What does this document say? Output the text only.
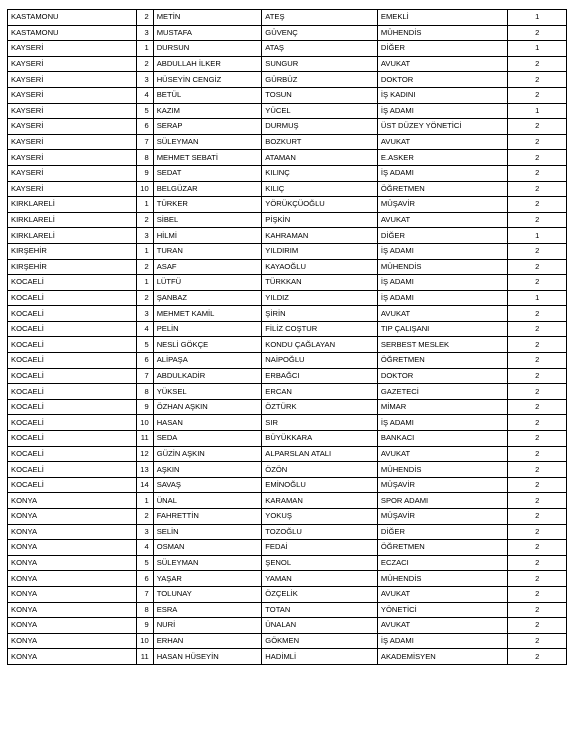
KASTAMONU	2	METİN	ATEŞ	EMEKLİ	1
KASTAMONU	3	MUSTAFA	GÜVENÇ	MÜHENDİS	2
KAYSERİ	1	DURSUN	ATAŞ	DİĞER	1
KAYSERİ	2	ABDULLAH İLKER	SUNGUR	AVUKAT	2
KAYSERİ	3	HÜSEYİN CENGİZ	GÜRBÜZ	DOKTOR	2
KAYSERİ	4	BETÜL	TOSUN	İŞ KADINI	2
KAYSERİ	5	KAZIM	YÜCEL	İŞ ADAMI	1
KAYSERİ	6	SERAP	DURMUŞ	ÜST DÜZEY YÖNETİCİ	2
KAYSERİ	7	SÜLEYMAN	BOZKURT	AVUKAT	2
KAYSERİ	8	MEHMET SEBATİ	ATAMAN	E.ASKER	2
KAYSERİ	9	SEDAT	KILINÇ	İŞ ADAMI	2
KAYSERİ	10	BELGÜZAR	KILIÇ	ÖĞRETMEN	2
KIRKLARELİ	1	TÜRKER	YÖRÜKÇÜOĞLU	MÜŞAVİR	2
KIRKLARELİ	2	SİBEL	PİŞKİN	AVUKAT	2
KIRKLARELİ	3	HİLMİ	KAHRAMAN	DİĞER	1
KIRŞEHİR	1	TURAN	YILDIRIM	İŞ ADAMI	2
KIRŞEHİR	2	ASAF	KAYAOĞLU	MÜHENDİS	2
KOCAELİ	1	LÜTFÜ	TÜRKKAN	İŞ ADAMI	2
KOCAELİ	2	ŞANBAZ	YILDIZ	İŞ ADAMI	1
KOCAELİ	3	MEHMET KAMİL	ŞİRİN	AVUKAT	2
KOCAELİ	4	PELİN	FİLİZ COŞTUR	TIP ÇALIŞANI	2
KOCAELİ	5	NESLİ GÖKÇE	KONDU ÇAĞLAYAN	SERBEST MESLEK	2
KOCAELİ	6	ALİPAŞA	NAİPOĞLU	ÖĞRETMEN	2
KOCAELİ	7	ABDULKADİR	ERBAĞCI	DOKTOR	2
KOCAELİ	8	YÜKSEL	ERCAN	GAZETECİ	2
KOCAELİ	9	ÖZHAN AŞKIN	ÖZTÜRK	MİMAR	2
KOCAELİ	10	HASAN	SIR	İŞ ADAMI	2
KOCAELİ	11	SEDA	BÜYÜKKARA	BANKACI	2
KOCAELİ	12	GÜZİN AŞKIN	ALPARSLAN ATALI	AVUKAT	2
KOCAELİ	13	AŞKIN	ÖZÖN	MÜHENDİS	2
KOCAELİ	14	SAVAŞ	EMİNOĞLU	MÜŞAVİR	2
KONYA	1	ÜNAL	KARAMAN	SPOR ADAMI	2
KONYA	2	FAHRETTİN	YOKUŞ	MÜŞAVİR	2
KONYA	3	SELİN	TOZOĞLU	DİĞER	2
KONYA	4	OSMAN	FEDAİ	ÖĞRETMEN	2
KONYA	5	SÜLEYMAN	ŞENOL	ECZACI	2
KONYA	6	YAŞAR	YAMAN	MÜHENDİS	2
KONYA	7	TOLUNAY	ÖZÇELİK	AVUKAT	2
KONYA	8	ESRA	TOTAN	YÖNETİCİ	2
KONYA	9	NURİ	ÜNALAN	AVUKAT	2
KONYA	10	ERHAN	GÖKMEN	İŞ ADAMI	2
KONYA	11	HASAN HÜSEYİN	HADİMLİ	AKADEMİSYEN	2
